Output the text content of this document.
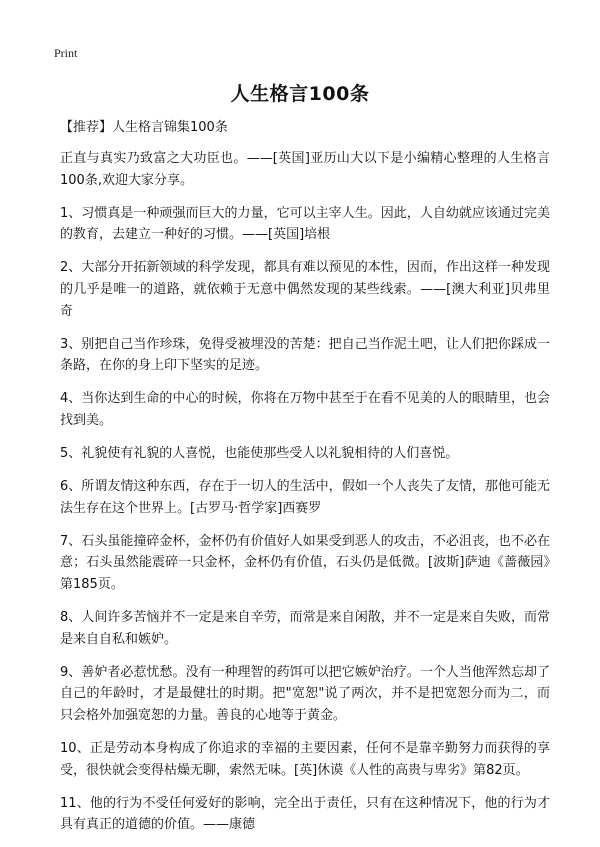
Print
人生格言100条
【推荐】人生格言锦集100条

正直与真实乃致富之大功臣也。——[英国]亚历山大以下是小编精心整理的人生格言100条,欢迎大家分享。

1、习惯真是一种顽强而巨大的力量，它可以主宰人生。因此，人自幼就应该通过完美的教育，去建立一种好的习惯。——[英国]培根

2、大部分开拓新领域的科学发现，都具有难以预见的本性，因而，作出这样一种发现的几乎是唯一的道路，就依赖于无意中偶然发现的某些线索。——[澳大利亚]贝弗里奇

3、别把自己当作珍珠，免得受被埋没的苦楚：把自己当作泥土吧，让人们把你踩成一条路，在你的身上印下坚实的足迹。

4、当你达到生命的中心的时候，你将在万物中甚至于在看不见美的人的眼睛里，也会找到美。

5、礼貌使有礼貌的人喜悦，也能使那些受人以礼貌相待的人们喜悦。

6、所谓友情这种东西，存在于一切人的生活中，假如一个人丧失了友情，那他可能无法生存在这个世界上。[古罗马·哲学家]西赛罗

7、石头虽能撞碎金杯，金杯仍有价值好人如果受到恶人的攻击，不必沮丧，也不必在意；石头虽然能震碎一只金杯，金杯仍有价值，石头仍是低微。[波斯]萨迪《蔷薇园》第185页。

8、人间许多苦恼并不一定是来自辛劳，而常是来自闲散，并不一定是来自失败，而常是来自自私和嫉妒。

9、善妒者必惹忧愁。没有一种理智的药饵可以把它嫉妒治疗。一个人当他浑然忘却了自己的年龄时，才是最健壮的时期。把"宽恕"说了两次，并不是把宽恕分而为二，而只会格外加强宽恕的力量。善良的心地等于黄金。

10、正是劳动本身构成了你追求的幸福的主要因素，任何不是靠辛勤努力而获得的享受，很快就会变得枯燥无聊，索然无味。[英]休谟《人性的高贵与卑劣》第82页。

11、他的行为不受任何爱好的影响，完全出于责任，只有在这种情况下，他的行为才具有真正的道德的价值。——康德
